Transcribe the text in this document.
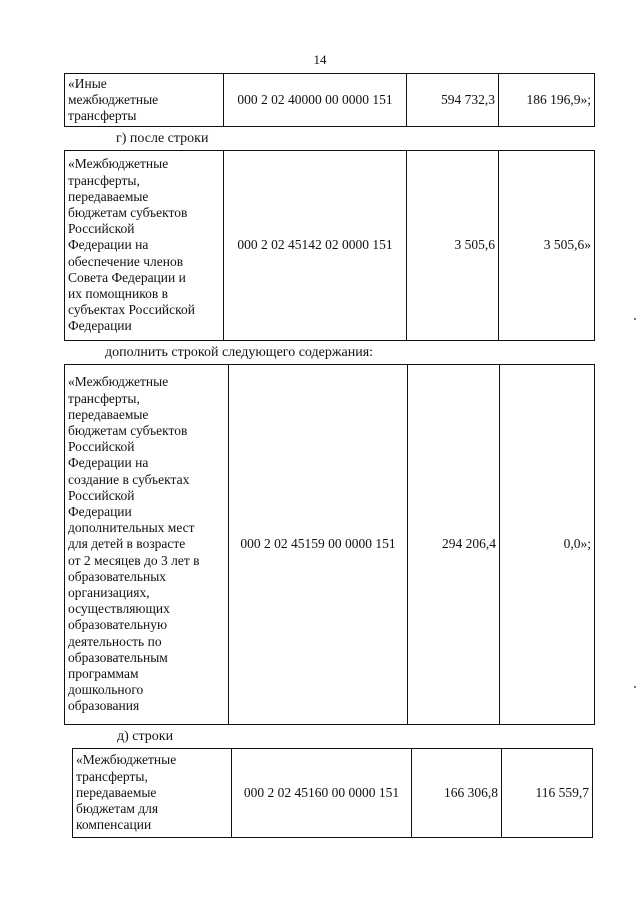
14
«Иные
межбюджетные
трансферты
	000 2 02 40000 00 0000 151	594 732,3	186 196,9»;
г) после строки
«Межбюджетные
трансферты,
передаваемые
бюджетам субъектов
Российской
Федерации на
обеспечение членов
Совета Федерации и
их помощников в
субъектах Российской
Федерации
	000 2 02 45142 02 0000 151	3 505,6	3 505,6»
дополнить строкой следующего содержания:
«Межбюджетные
трансферты,
передаваемые
бюджетам субъектов
Российской
Федерации на
создание в субъектах
Российской
Федерации
дополнительных мест
для детей в возрасте
от 2 месяцев до 3 лет в
образовательных
организациях,
осуществляющих
образовательную
деятельность по
образовательным
программам
дошкольного
образования
	000 2 02 45159 00 0000 151	294 206,4	0,0»;
д) строки
«Межбюджетные
трансферты,
передаваемые
бюджетам для
компенсации
	000 2 02 45160 00 0000 151	166 306,8	116 559,7
